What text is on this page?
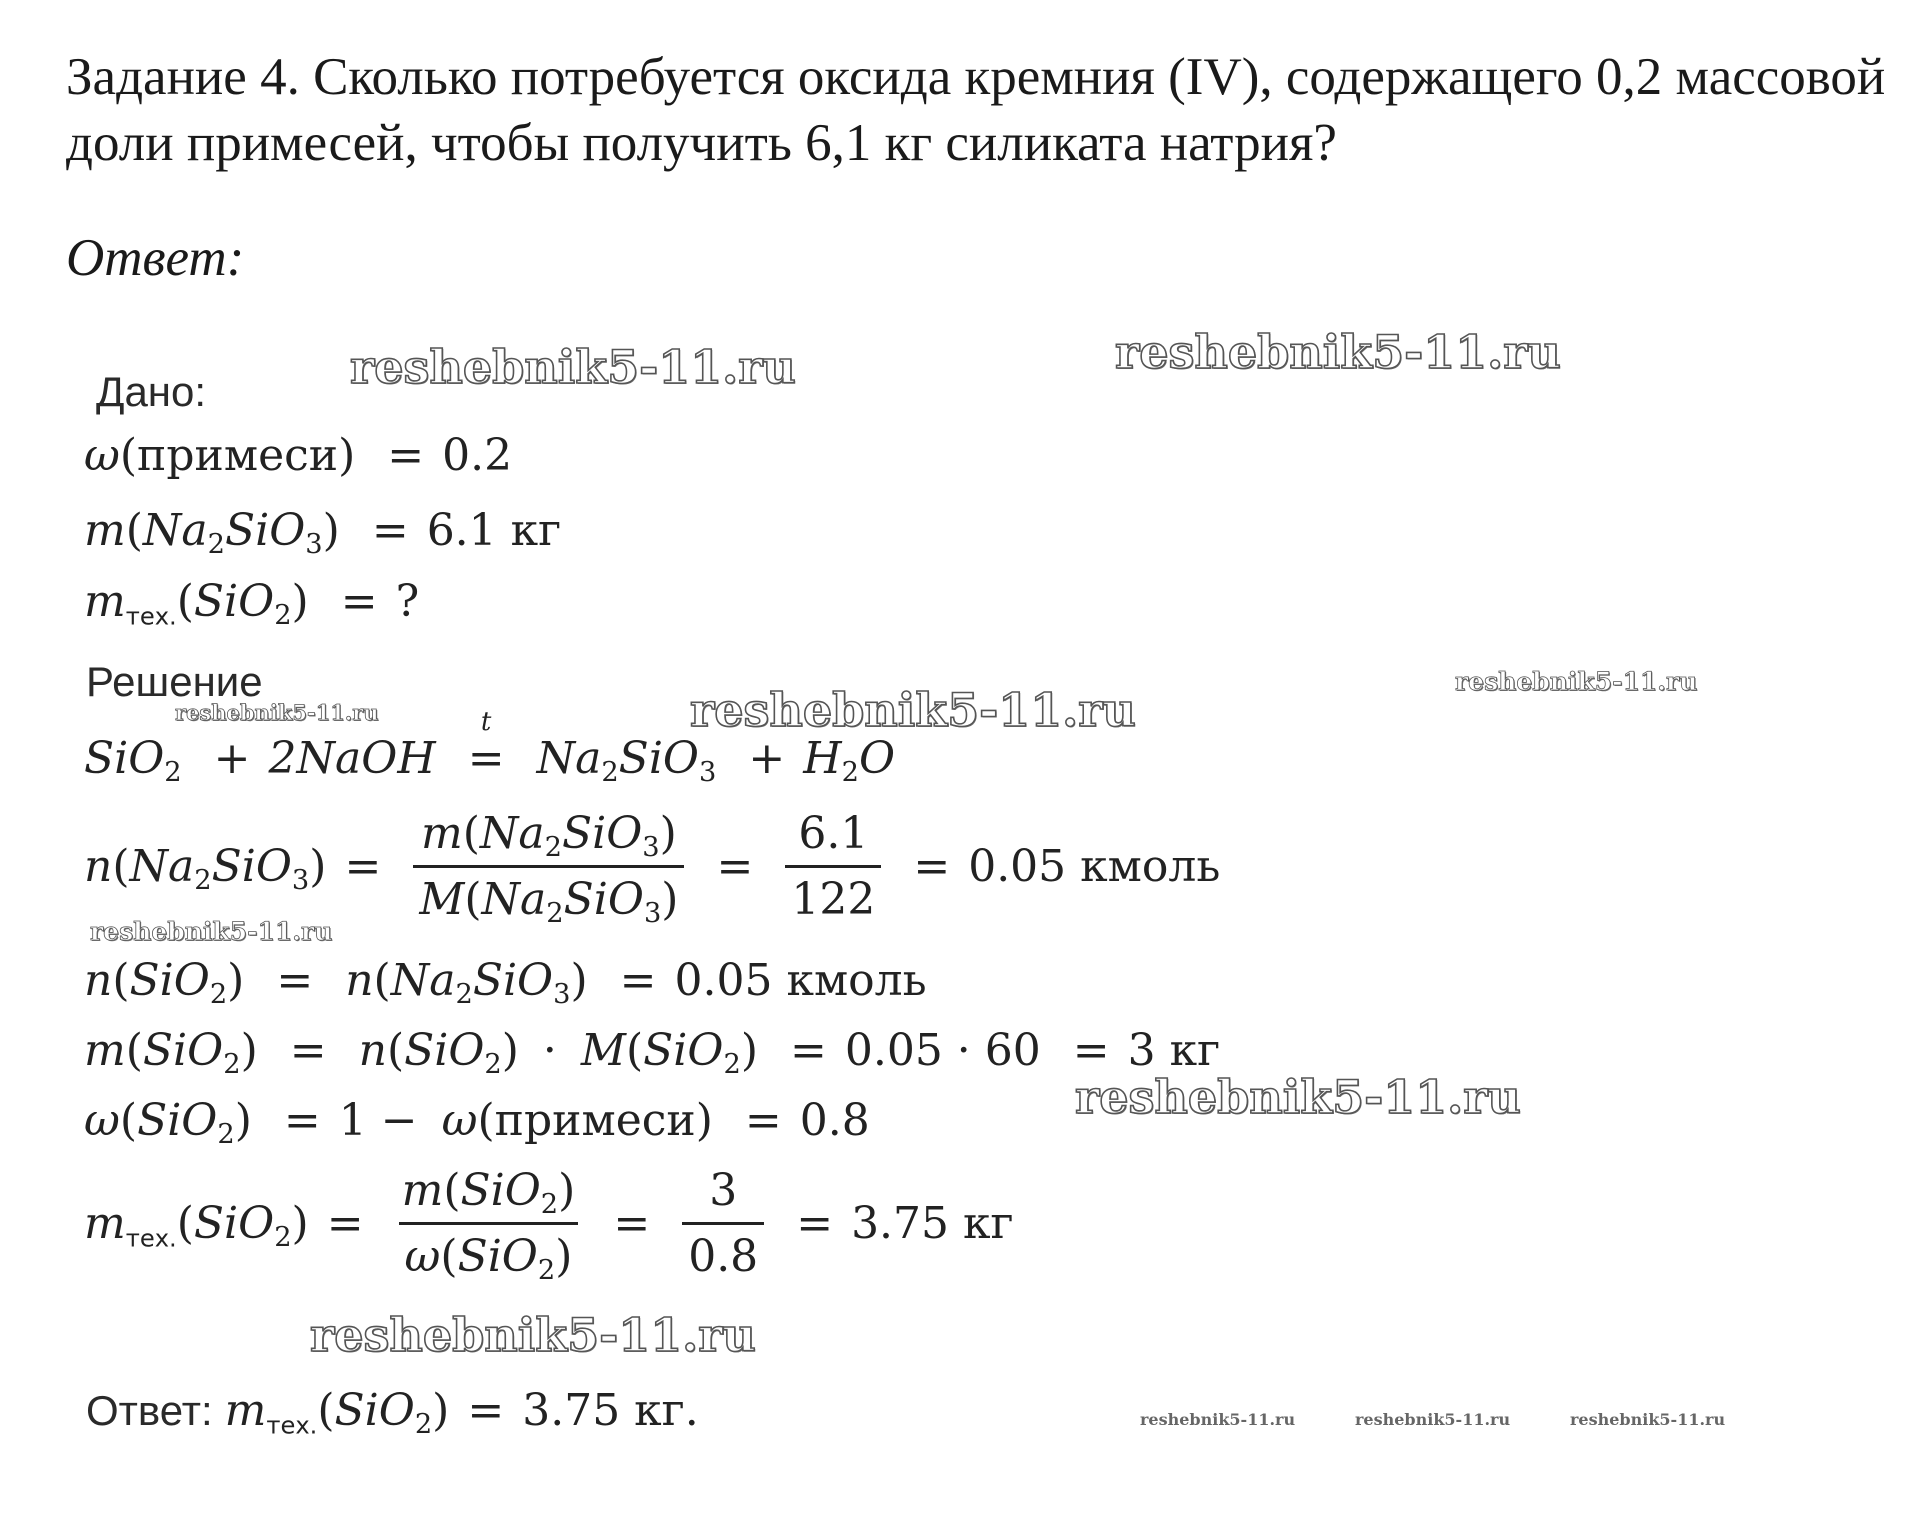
Задание 4. Сколько потребуется оксида кремния (IV), содержащего 0,2 массовой доли примесей, чтобы получить 6,1 кг силиката натрия?
Ответ:
Дано:
ω(примеси) = 0.2
$m(Na_2SiO_3) = 6.1$ кг
mтех.(SiO$_2$) = ?
Решение
SiO$_2$ + 2NaOH =
t
$Na_2SiO_3 + H_2O$
$n(Na_2SiO_3) = \frac{m(Na_2SiO_3)}{M(Na_2SiO_3)} = \frac{6.1}{122} = 0.05$ кмоль
$n(SiO_2) = n(Na_2SiO_3) = 0.05$ кмоль
m(SiO$_2$) = n(SiO$_2$) · M(SiO$_2$) = 0.05 · 60 = 3 кг
ω(SiO$_2$) = 1 − ω(примеси) = 0.8
mтех.(SiO$_2$) = $\frac{m(SiO_2)}{\omega(SiO_2)} = \frac{3}{0.8} = 3.75$ кг
Ответ: mтех.(SiO$_2$) = 3.75 кг.
reshebnik5-11.ru	reshebnik5-11.ru
reshebnik5-11.ru
reshebnik5-11.ru
reshebnik5-11.ru
reshebnik5-11.ru
reshebnik5-11.ru
reshebnik5-11.ru
reshebnik5-11.ru	reshebnik5-11.ru	reshebnik5-11.ru
